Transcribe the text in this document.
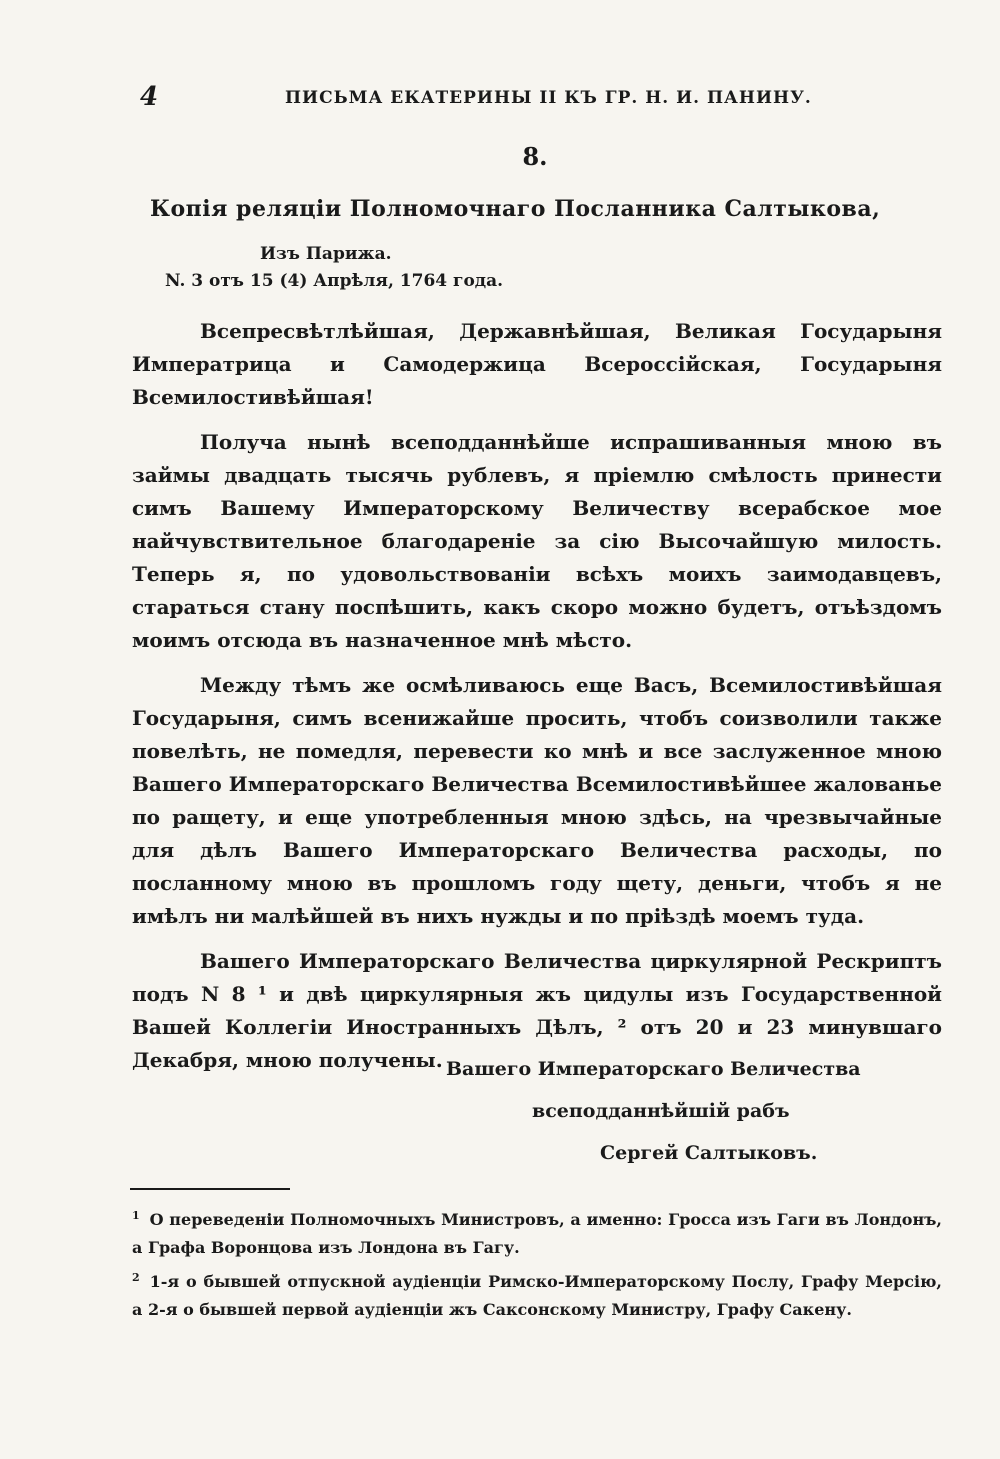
4	ПИСЬМА ЕКАТЕРИНЫ II КЪ ГР. Н. И. ПАНИНУ.
8.
Копія реляціи Полномочнаго Посланника Салтыкова,
Изъ Парижа.
N. 3 отъ 15 (4) Апрѣля, 1764 года.

Всепресвѣтлѣйшая, Державнѣйшая, Великая Государыня Императрица и Самодержица Всероссійская, Государыня Всемилостивѣйшая!

Получа нынѣ всеподданнѣйше испрашиванныя мною въ займы двадцать тысячь рублевъ, я пріемлю смѣлость принести симъ Вашему Императорскому Величеству всерабское мое найчувствительное благодареніе за сію Высочайшую милость. Теперь я, по удовольствованіи всѣхъ моихъ заимодавцевъ, стараться стану поспѣшить, какъ скоро можно будетъ, отъѣздомъ моимъ отсюда въ назначенное мнѣ мѣсто.

Между тѣмъ же осмѣливаюсь еще Васъ, Всемилостивѣйшая Государыня, симъ всенижайше просить, чтобъ соизволили также повелѣть, не помедля, перевести ко мнѣ и все заслуженное мною Вашего Императорскаго Величества Всемилостивѣйшее жалованье по ращету, и еще употребленныя мною здѣсь, на чрезвычайные для дѣлъ Вашего Императорскаго Величества расходы, по посланному мною въ прошломъ году щету, деньги, чтобъ я не имѣлъ ни малѣйшей въ нихъ нужды и по пріѣздѣ моемъ туда.

Вашего Императорскаго Величества циркулярной Рескриптъ подъ N 8 ¹ и двѣ циркулярныя жъ цидулы изъ Государственной Вашей Коллегіи Иностранныхъ Дѣлъ, ² отъ 20 и 23 минувшаго Декабря, мною получены. Вашего Императорскаго Величества
всеподданнѣйшій рабъ
Сергей Салтыковъ.
$^1$ О переведеніи Полномочныхъ Министровъ, а именно: Гросса изъ Гаги въ Лондонъ, а Графа Воронцова изъ Лондона въ Гагу.
$^2$ 1-я о бывшей отпускной аудіенціи Римско-Императорскому Послу, Графу Мерсію, а 2-я о бывшей первой аудіенціи жъ Саксонскому Министру, Графу Сакену.
